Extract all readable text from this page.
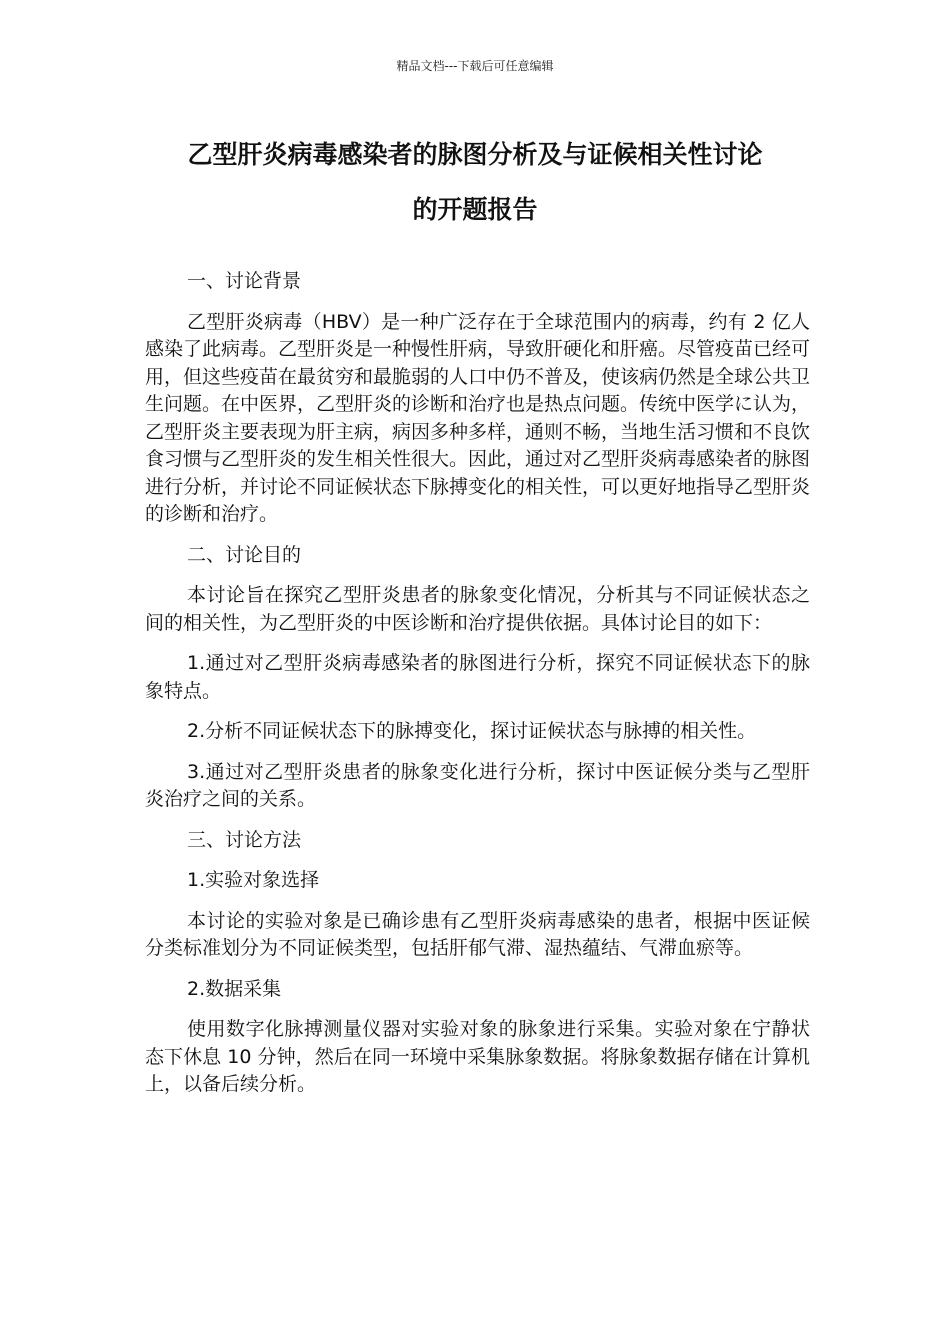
精品文档---下载后可任意编辑
乙型肝炎病毒感染者的脉图分析及与证候相关性讨论
的开题报告

一、讨论背景

乙型肝炎病毒（HBV）是一种广泛存在于全球范围内的病毒，约有 2 亿人感染了此病毒。乙型肝炎是一种慢性肝病，导致肝硬化和肝癌。尽管疫苗已经可用，但这些疫苗在最贫穷和最脆弱的人口中仍不普及，使该病仍然是全球公共卫生问题。在中医界，乙型肝炎的诊断和治疗也是热点问题。传统中医学に认为，乙型肝炎主要表现为肝主病，病因多种多样，通则不畅，当地生活习惯和不良饮食习惯与乙型肝炎的发生相关性很大。因此，通过对乙型肝炎病毒感染者的脉图进行分析，并讨论不同证候状态下脉搏变化的相关性，可以更好地指导乙型肝炎的诊断和治疗。

二、讨论目的

本讨论旨在探究乙型肝炎患者的脉象变化情况，分析其与不同证候状态之间的相关性，为乙型肝炎的中医诊断和治疗提供依据。具体讨论目的如下：

1.通过对乙型肝炎病毒感染者的脉图进行分析，探究不同证候状态下的脉象特点。

2.分析不同证候状态下的脉搏变化，探讨证候状态与脉搏的相关性。

3.通过对乙型肝炎患者的脉象变化进行分析，探讨中医证候分类与乙型肝炎治疗之间的关系。

三、讨论方法

1.实验对象选择

本讨论的实验对象是已确诊患有乙型肝炎病毒感染的患者，根据中医证候分类标准划分为不同证候类型，包括肝郁气滞、湿热蕴结、气滞血瘀等。

2.数据采集

使用数字化脉搏测量仪器对实验对象的脉象进行采集。实验对象在宁静状态下休息 10 分钟，然后在同一环境中采集脉象数据。将脉象数据存储在计算机上，以备后续分析。
